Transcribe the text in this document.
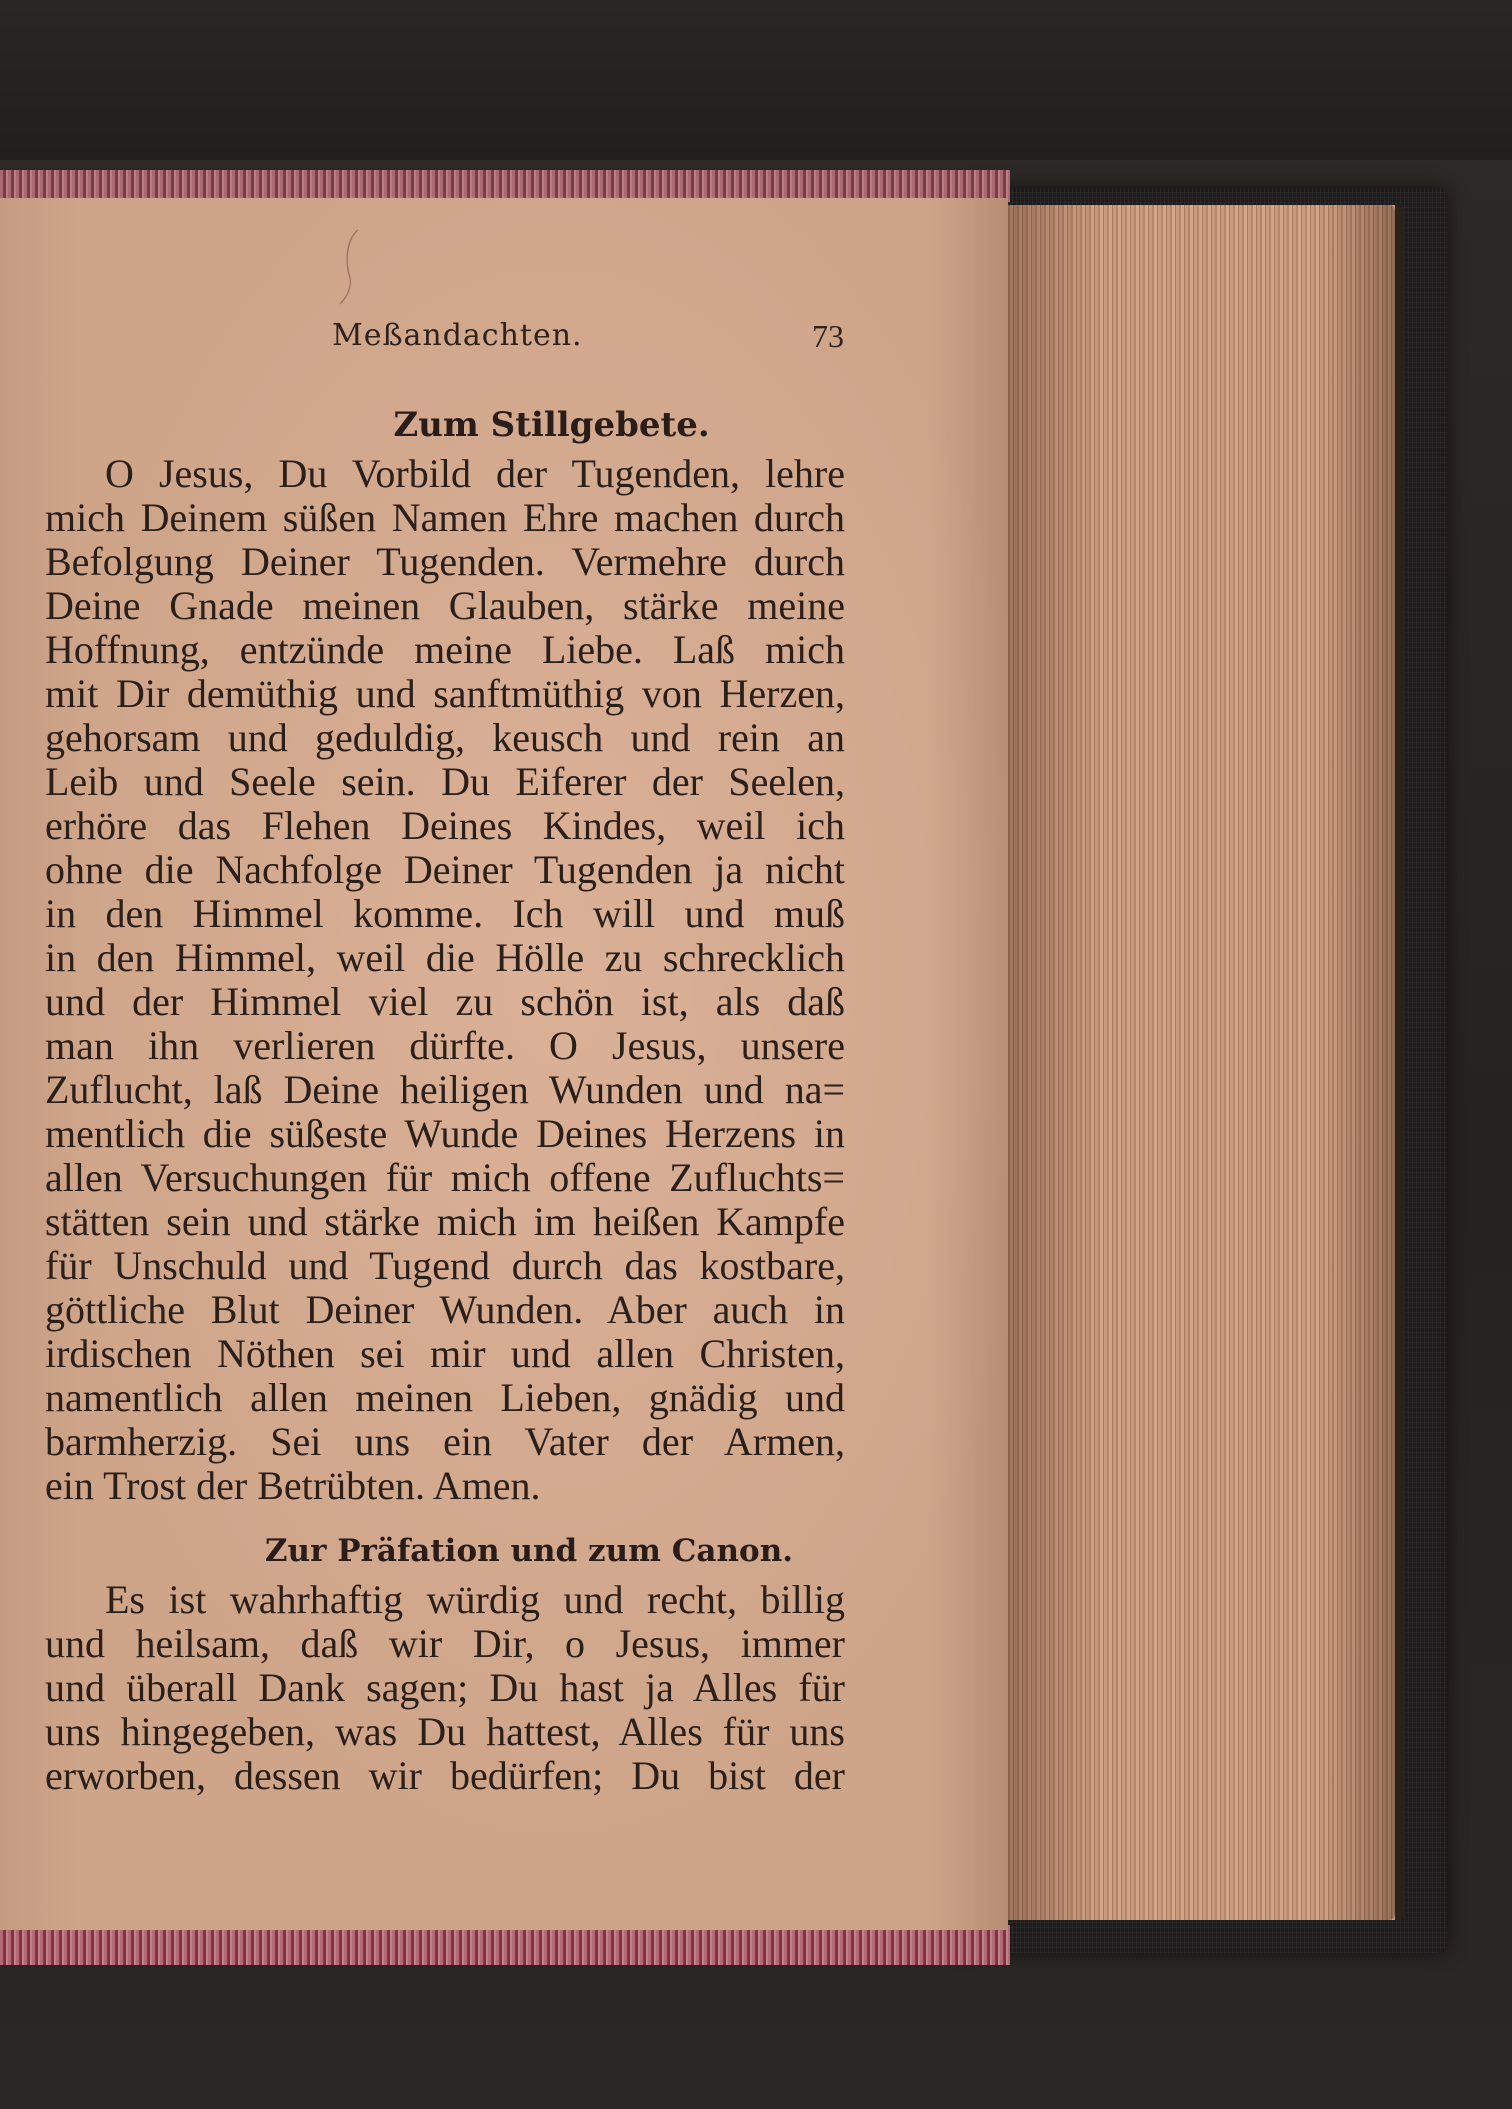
Meßandachten.	73
Zum Stillgebete.
O Jesus, Du Vorbild der Tugenden, lehre
mich Deinem süßen Namen Ehre machen durch
Befolgung Deiner Tugenden. Vermehre durch
Deine Gnade meinen Glauben, stärke meine
Hoffnung, entzünde meine Liebe. Laß mich
mit Dir demüthig und sanftmüthig von Herzen,
gehorsam und geduldig, keusch und rein an
Leib und Seele sein. Du Eiferer der Seelen,
erhöre das Flehen Deines Kindes, weil ich
ohne die Nachfolge Deiner Tugenden ja nicht
in den Himmel komme. Ich will und muß
in den Himmel, weil die Hölle zu schrecklich
und der Himmel viel zu schön ist, als daß
man ihn verlieren dürfte. O Jesus, unsere
Zuflucht, laß Deine heiligen Wunden und na=
mentlich die süßeste Wunde Deines Herzens in
allen Versuchungen für mich offene Zufluchts=
stätten sein und stärke mich im heißen Kampfe
für Unschuld und Tugend durch das kostbare,
göttliche Blut Deiner Wunden. Aber auch in
irdischen Nöthen sei mir und allen Christen,
namentlich allen meinen Lieben, gnädig und
barmherzig. Sei uns ein Vater der Armen,
ein Trost der Betrübten. Amen.
Zur Präfation und zum Canon.
Es ist wahrhaftig würdig und recht, billig
und heilsam, daß wir Dir, o Jesus, immer
und überall Dank sagen; Du hast ja Alles für
uns hingegeben, was Du hattest, Alles für uns
erworben, dessen wir bedürfen; Du bist der
